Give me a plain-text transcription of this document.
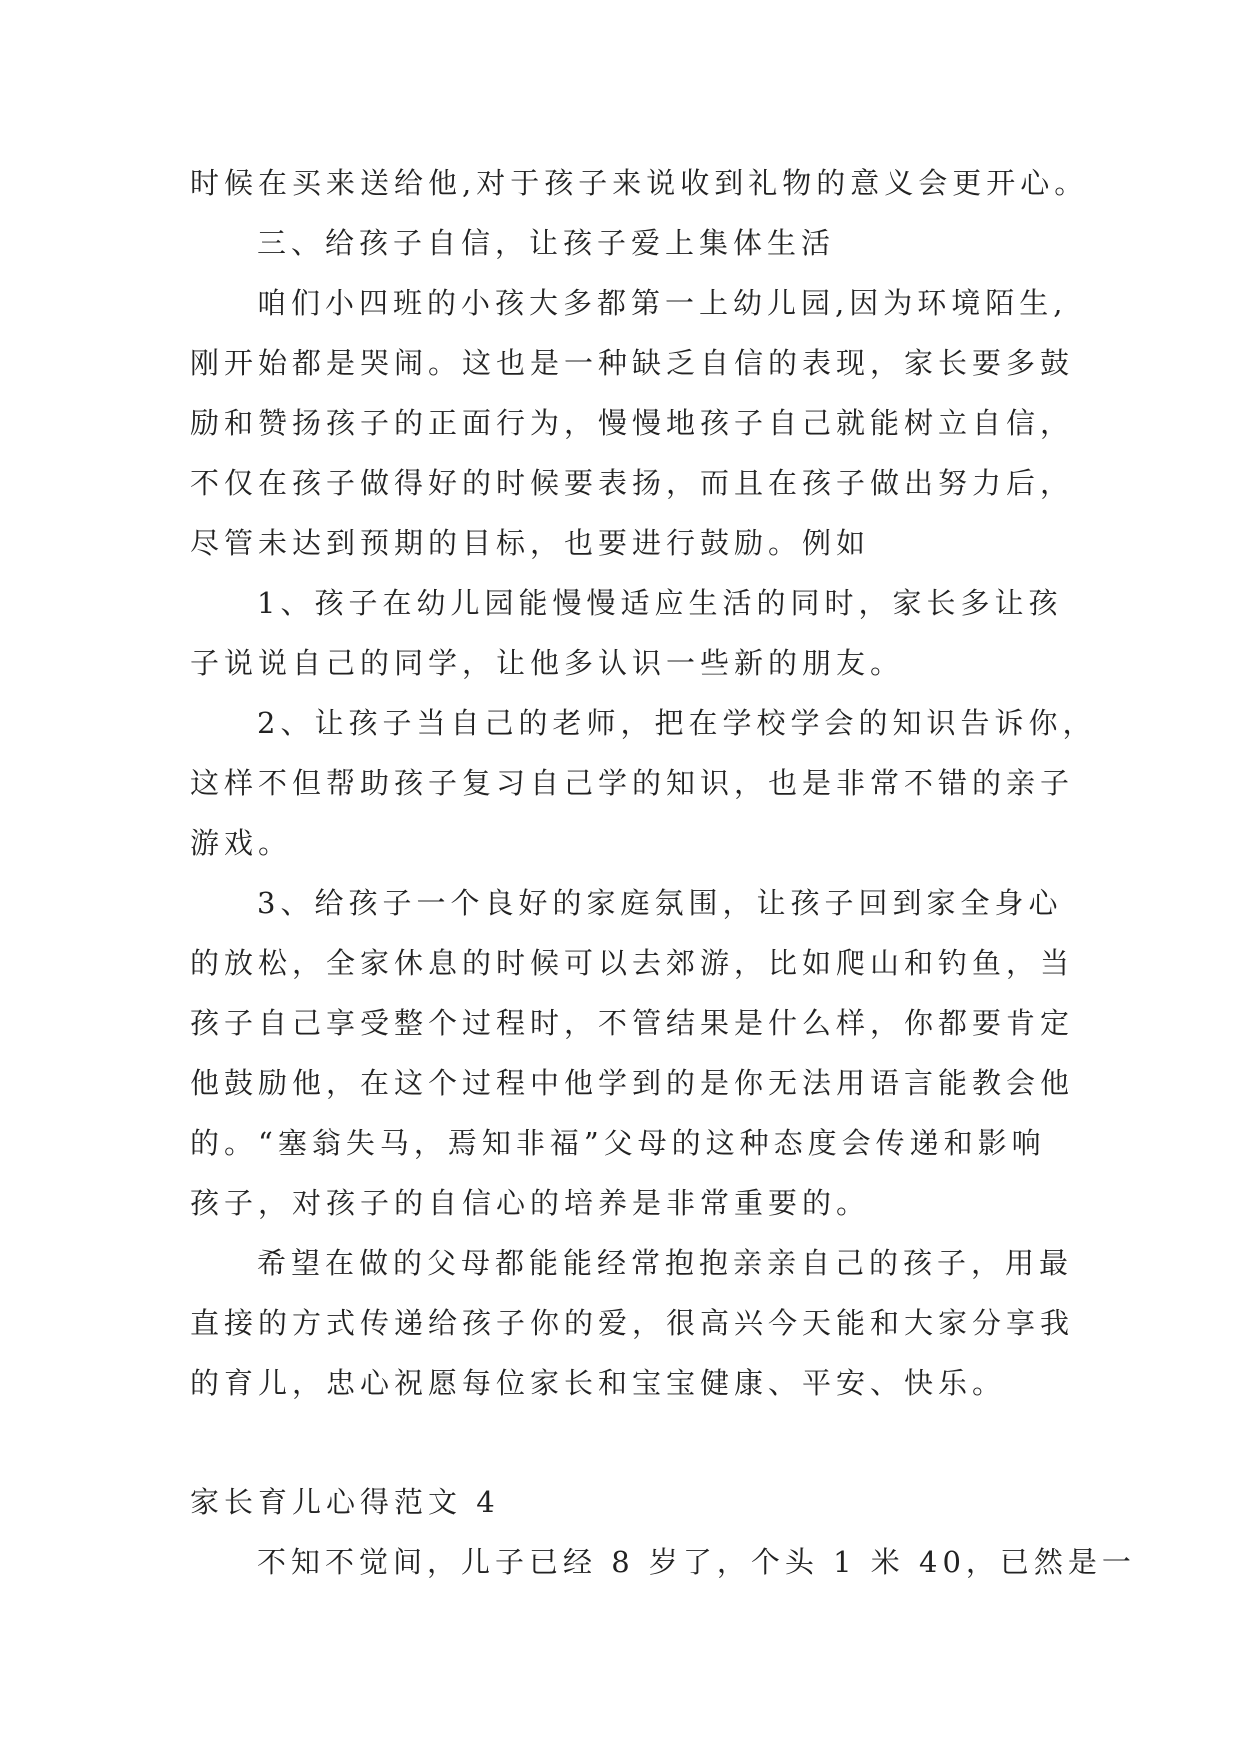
时候在买来送给他,对于孩子来说收到礼物的意义会更开心。
三、给孩子自信，让孩子爱上集体生活
咱们小四班的小孩大多都第一上幼儿园,因为环境陌生,
刚开始都是哭闹。这也是一种缺乏自信的表现，家长要多鼓
励和赞扬孩子的正面行为，慢慢地孩子自己就能树立自信，
不仅在孩子做得好的时候要表扬，而且在孩子做出努力后，
尽管未达到预期的目标，也要进行鼓励。例如
1、孩子在幼儿园能慢慢适应生活的同时，家长多让孩
子说说自己的同学，让他多认识一些新的朋友。
2、让孩子当自己的老师，把在学校学会的知识告诉你，
这样不但帮助孩子复习自己学的知识，也是非常不错的亲子
游戏。
3、给孩子一个良好的家庭氛围，让孩子回到家全身心
的放松，全家休息的时候可以去郊游，比如爬山和钓鱼，当
孩子自己享受整个过程时，不管结果是什么样，你都要肯定
他鼓励他，在这个过程中他学到的是你无法用语言能教会他
的。“塞翁失马，焉知非福”父母的这种态度会传递和影响
孩子，对孩子的自信心的培养是非常重要的。
希望在做的父母都能能经常抱抱亲亲自己的孩子，用最
直接的方式传递给孩子你的爱，很高兴今天能和大家分享我
的育儿，忠心祝愿每位家长和宝宝健康、平安、快乐。
家长育儿心得范文 4
不知不觉间，儿子已经 8 岁了，个头 1 米 40，已然是一
